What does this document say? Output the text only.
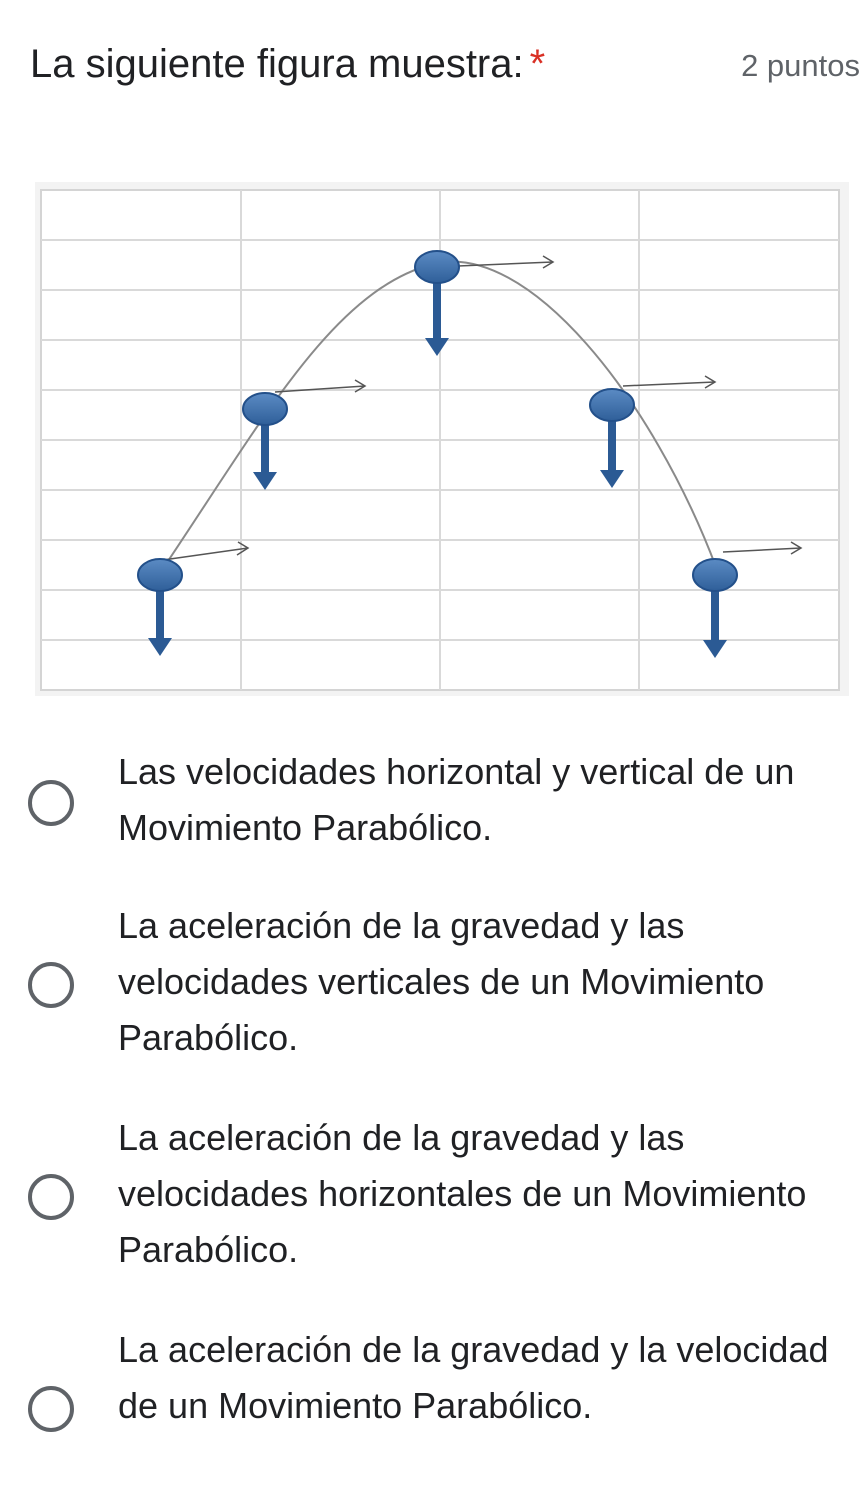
La siguiente figura muestra: *	2 puntos
Las velocidades horizontal y vertical de un Movimiento Parabólico.
La aceleración de la gravedad y las velocidades verticales de un Movimiento Parabólico.
La aceleración de la gravedad y las velocidades horizontales de un Movimiento Parabólico.
La aceleración de la gravedad y la velocidad de un Movimiento Parabólico.
